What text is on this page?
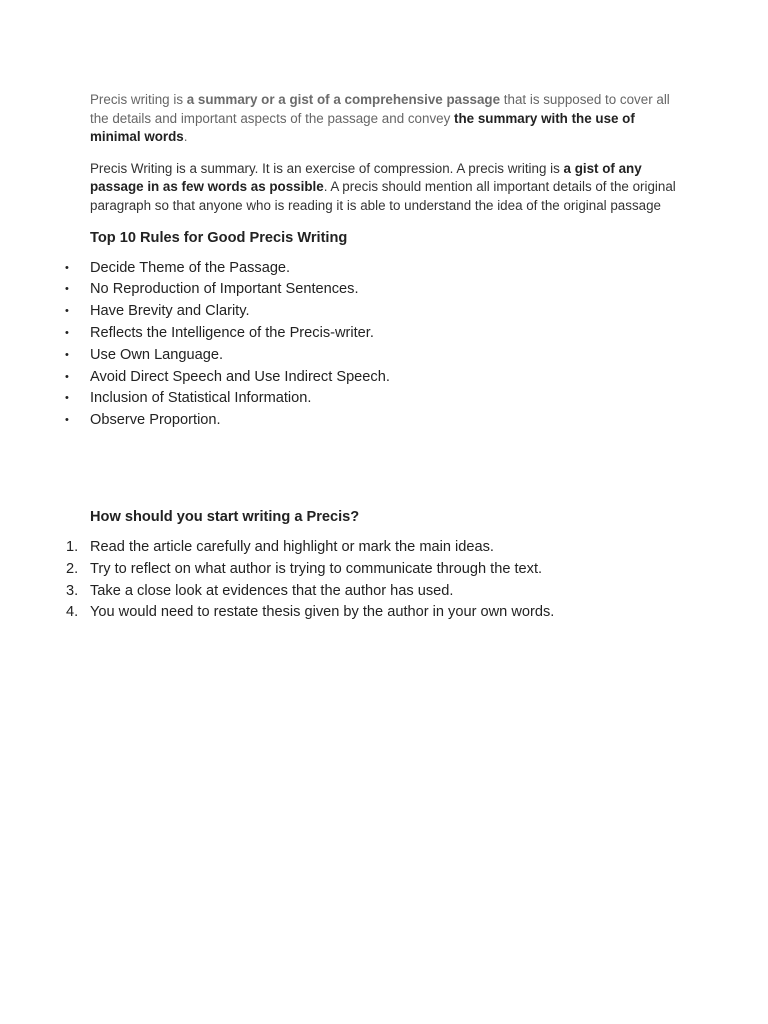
Precis writing is a summary or a gist of a comprehensive passage that is supposed to cover all the details and important aspects of the passage and convey the summary with the use of minimal words.

Precis Writing is a summary. It is an exercise of compression. A precis writing is a gist of any passage in as few words as possible. A precis should mention all important details of the original paragraph so that anyone who is reading it is able to understand the idea of the original passage

Top 10 Rules for Good Precis Writing
• Decide Theme of the Passage.
• No Reproduction of Important Sentences.
• Have Brevity and Clarity.
• Reflects the Intelligence of the Precis-writer.
• Use Own Language.
• Avoid Direct Speech and Use Indirect Speech.
• Inclusion of Statistical Information.
• Observe Proportion.
How should you start writing a Precis?
1. Read the article carefully and highlight or mark the main ideas.
2. Try to reflect on what author is trying to communicate through the text.
3. Take a close look at evidences that the author has used.
4. You would need to restate thesis given by the author in your own words.
